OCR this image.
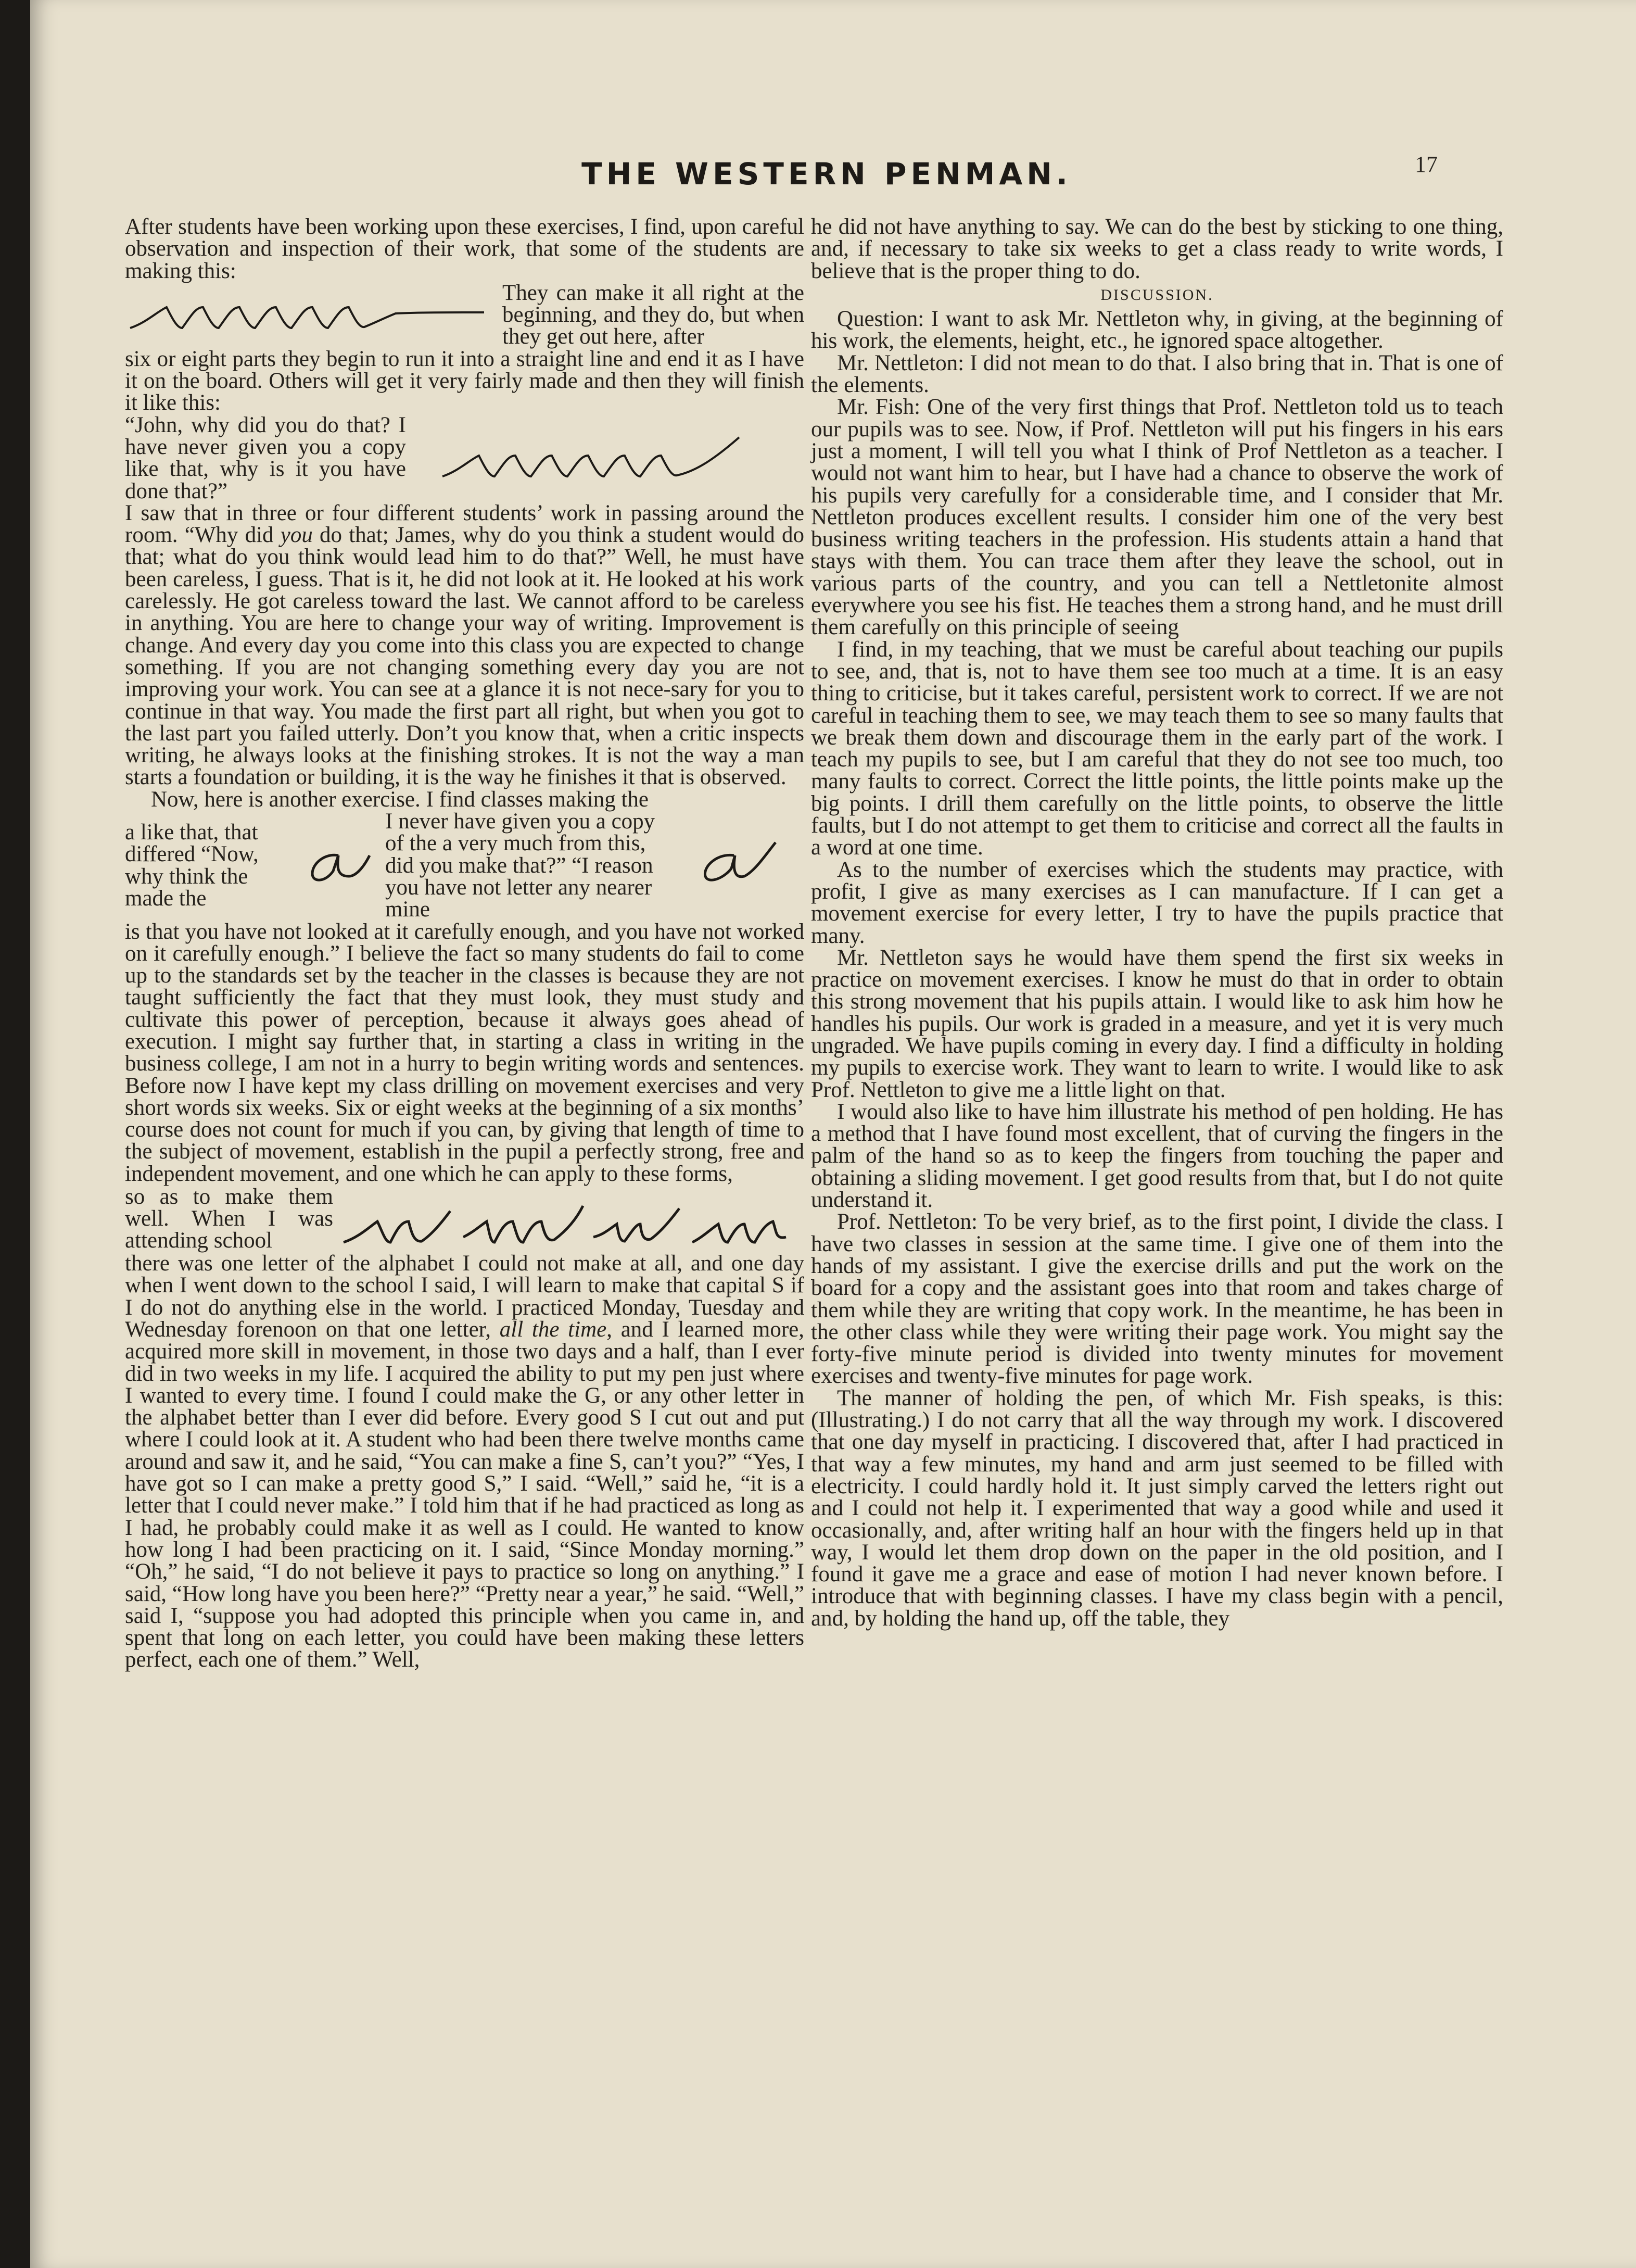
THE WESTERN PENMAN.	17

After students have been working upon these exercises, I find, upon careful observation and inspection of their work, that some of the students are making this:

They can make it all right at the beginning, and they do, but when they get out here, after

six or eight parts they begin to run it into a straight line and end it as I have it on the board. Others will get it very fairly made and then they will finish it like this:

“John, why did you do that? I have never given you a copy like that, why is it you have done that?”

I saw that in three or four different students’ work in passing around the room. “Why did you do that; James, why do you think a student would do that; what do you think would lead him to do that?” Well, he must have been careless, I guess. That is it, he did not look at it. He looked at his work carelessly. He got careless toward the last. We cannot afford to be careless in anything. You are here to change your way of writing. Improvement is change. And every day you come into this class you are expected to change something. If you are not changing something every day you are not improving your work. You can see at a glance it is not nece-sary for you to continue in that way. You made the first part all right, but when you got to the last part you failed utterly. Don’t you know that, when a critic inspects writing, he always looks at the finishing strokes. It is not the way a man starts a foundation or building, it is the way he finishes it that is observed.

Now, here is another exercise. I find classes making the

a like that, that differed “Now, why think the made the
I never have given you a copy of the a very much from this, did you make that?” “I reason you have not letter any nearer mine

is that you have not looked at it carefully enough, and you have not worked on it carefully enough.” I believe the fact so many students do fail to come up to the standards set by the teacher in the classes is because they are not taught sufficiently the fact that they must look, they must study and cultivate this power of perception, because it always goes ahead of execution. I might say further that, in starting a class in writing in the business college, I am not in a hurry to begin writing words and sentences. Before now I have kept my class drilling on movement exercises and very short words six weeks. Six or eight weeks at the beginning of a six months’ course does not count for much if you can, by giving that length of time to the subject of movement, establish in the pupil a perfectly strong, free and independent movement, and one which he can apply to these forms,

so as to make them well. When I was attending school

there was one letter of the alphabet I could not make at all, and one day when I went down to the school I said, I will learn to make that capital S if I do not do anything else in the world. I practiced Monday, Tuesday and Wednesday forenoon on that one letter, all the time, and I learned more, acquired more skill in movement, in those two days and a half, than I ever did in two weeks in my life. I acquired the ability to put my pen just where I wanted to every time. I found I could make the G, or any other letter in the alphabet better than I ever did before. Every good S I cut out and put where I could look at it. A student who had been there twelve months came around and saw it, and he said, “You can make a fine S, can’t you?” “Yes, I have got so I can make a pretty good S,” I said. “Well,” said he, “it is a letter that I could never make.” I told him that if he had practiced as long as I had, he probably could make it as well as I could. He wanted to know how long I had been practicing on it. I said, “Since Monday morning.” “Oh,” he said, “I do not believe it pays to practice so long on anything.” I said, “How long have you been here?” “Pretty near a year,” he said. “Well,” said I, “suppose you had adopted this principle when you came in, and spent that long on each letter, you could have been making these letters perfect, each one of them.” Well,

he did not have anything to say. We can do the best by sticking to one thing, and, if necessary to take six weeks to get a class ready to write words, I believe that is the proper thing to do.

DISCUSSION.

Question: I want to ask Mr. Nettleton why, in giving, at the beginning of his work, the elements, height, etc., he ignored space altogether.

Mr. Nettleton: I did not mean to do that. I also bring that in. That is one of the elements.

Mr. Fish: One of the very first things that Prof. Nettleton told us to teach our pupils was to see. Now, if Prof. Nettleton will put his fingers in his ears just a moment, I will tell you what I think of Prof Nettleton as a teacher. I would not want him to hear, but I have had a chance to observe the work of his pupils very carefully for a considerable time, and I consider that Mr. Nettleton produces excellent results. I consider him one of the very best business writing teachers in the profession. His students attain a hand that stays with them. You can trace them after they leave the school, out in various parts of the country, and you can tell a Nettletonite almost everywhere you see his fist. He teaches them a strong hand, and he must drill them carefully on this principle of seeing

I find, in my teaching, that we must be careful about teaching our pupils to see, and, that is, not to have them see too much at a time. It is an easy thing to criticise, but it takes careful, persistent work to correct. If we are not careful in teaching them to see, we may teach them to see so many faults that we break them down and discourage them in the early part of the work. I teach my pupils to see, but I am careful that they do not see too much, too many faults to correct. Correct the little points, the little points make up the big points. I drill them carefully on the little points, to observe the little faults, but I do not attempt to get them to criticise and correct all the faults in a word at one time.

As to the number of exercises which the students may practice, with profit, I give as many exercises as I can manufacture. If I can get a movement exercise for every letter, I try to have the pupils practice that many.

Mr. Nettleton says he would have them spend the first six weeks in practice on movement exercises. I know he must do that in order to obtain this strong movement that his pupils attain. I would like to ask him how he handles his pupils. Our work is graded in a measure, and yet it is very much ungraded. We have pupils coming in every day. I find a difficulty in holding my pupils to exercise work. They want to learn to write. I would like to ask Prof. Nettleton to give me a little light on that.

I would also like to have him illustrate his method of pen holding. He has a method that I have found most excellent, that of curving the fingers in the palm of the hand so as to keep the fingers from touching the paper and obtaining a sliding movement. I get good results from that, but I do not quite understand it.

Prof. Nettleton: To be very brief, as to the first point, I divide the class. I have two classes in session at the same time. I give one of them into the hands of my assistant. I give the exercise drills and put the work on the board for a copy and the assistant goes into that room and takes charge of them while they are writing that copy work. In the meantime, he has been in the other class while they were writing their page work. You might say the forty-five minute period is divided into twenty minutes for movement exercises and twenty-five minutes for page work.

The manner of holding the pen, of which Mr. Fish speaks, is this: (Illustrating.) I do not carry that all the way through my work. I discovered that one day myself in practicing. I discovered that, after I had practiced in that way a few minutes, my hand and arm just seemed to be filled with electricity. I could hardly hold it. It just simply carved the letters right out and I could not help it. I experimented that way a good while and used it occasionally, and, after writing half an hour with the fingers held up in that way, I would let them drop down on the paper in the old position, and I found it gave me a grace and ease of motion I had never known before. I introduce that with beginning classes. I have my class begin with a pencil, and, by holding the hand up, off the table, they
